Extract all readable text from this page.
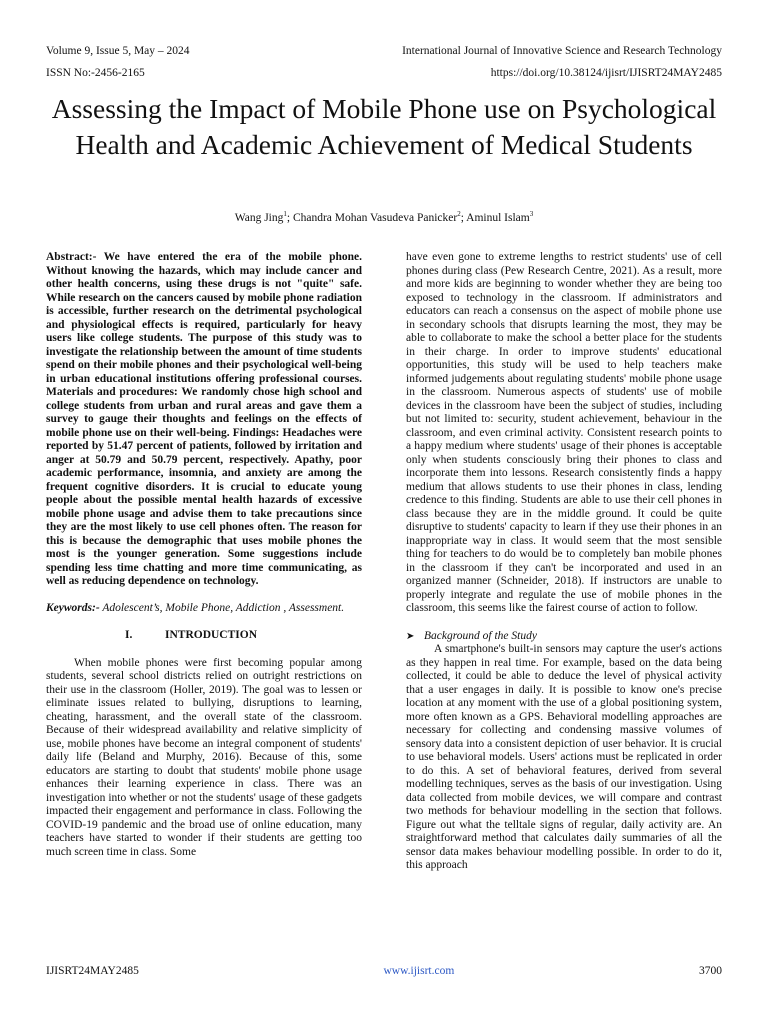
Volume 9, Issue 5, May – 2024	International Journal of Innovative Science and Research Technology
ISSN No:-2456-2165	https://doi.org/10.38124/ijisrt/IJISRT24MAY2485
Assessing the Impact of Mobile Phone use on Psychological Health and Academic Achievement of Medical Students
Wang Jing$^1$; Chandra Mohan Vasudeva Panicker$^2$; Aminul Islam$^3$

Abstract:- We have entered the era of the mobile phone. Without knowing the hazards, which may include cancer and other health concerns, using these drugs is not "quite" safe. While research on the cancers caused by mobile phone radiation is accessible, further research on the detrimental psychological and physiological effects is required, particularly for heavy users like college students. The purpose of this study was to investigate the relationship between the amount of time students spend on their mobile phones and their psychological well-being in urban educational institutions offering professional courses. Materials and procedures: We randomly chose high school and college students from urban and rural areas and gave them a survey to gauge their thoughts and feelings on the effects of mobile phone use on their well-being. Findings: Headaches were reported by 51.47 percent of patients, followed by irritation and anger at 50.79 and 50.79 percent, respectively. Apathy, poor academic performance, insomnia, and anxiety are among the frequent cognitive disorders. It is crucial to educate young people about the possible mental health hazards of excessive mobile phone usage and advise them to take precautions since they are the most likely to use cell phones often. The reason for this is because the demographic that uses mobile phones the most is the younger generation. Some suggestions include spending less time chatting and more time communicating, as well as reducing dependence on technology.

Keywords:- Adolescent’s, Mobile Phone, Addiction , Assessment.

I.	INTRODUCTION

When mobile phones were first becoming popular among students, several school districts relied on outright restrictions on their use in the classroom (Holler, 2019). The goal was to lessen or eliminate issues related to bullying, disruptions to learning, cheating, harassment, and the overall state of the classroom. Because of their widespread availability and relative simplicity of use, mobile phones have become an integral component of students' daily life (Beland and Murphy, 2016). Because of this, some educators are starting to doubt that students' mobile phone usage enhances their learning experience in class. There was an investigation into whether or not the students' usage of these gadgets impacted their engagement and performance in class. Following the COVID-19 pandemic and the broad use of online education, many teachers have started to wonder if their students are getting too much screen time in class. Some

have even gone to extreme lengths to restrict students' use of cell phones during class (Pew Research Centre, 2021). As a result, more and more kids are beginning to wonder whether they are being too exposed to technology in the classroom. If administrators and educators can reach a consensus on the aspect of mobile phone use in secondary schools that disrupts learning the most, they may be able to collaborate to make the school a better place for the students in their charge. In order to improve students' educational opportunities, this study will be used to help teachers make informed judgements about regulating students' mobile phone usage in the classroom. Numerous aspects of students' use of mobile devices in the classroom have been the subject of studies, including but not limited to: security, student achievement, behaviour in the classroom, and even criminal activity. Consistent research points to a happy medium where students' usage of their phones is acceptable only when students consciously bring their phones to class and incorporate them into lessons. Research consistently finds a happy medium that allows students to use their phones in class, lending credence to this finding. Students are able to use their cell phones in class because they are in the middle ground. It could be quite disruptive to students' capacity to learn if they use their phones in an inappropriate way in class. It would seem that the most sensible thing for teachers to do would be to completely ban mobile phones in the classroom if they can't be incorporated and used in an organized manner (Schneider, 2018). If instructors are unable to properly integrate and regulate the use of mobile phones in the classroom, this seems like the fairest course of action to follow.

➤ Background of the Study

A smartphone's built-in sensors may capture the user's actions as they happen in real time. For example, based on the data being collected, it could be able to deduce the level of physical activity that a user engages in daily. It is possible to know one's precise location at any moment with the use of a global positioning system, more often known as a GPS. Behavioral modelling approaches are necessary for collecting and condensing massive volumes of sensory data into a consistent depiction of user behavior. It is crucial to use behavioral models. Users' actions must be replicated in order to do this. A set of behavioral features, derived from several modelling techniques, serves as the basis of our investigation. Using data collected from mobile devices, we will compare and contrast two methods for behaviour modelling in the section that follows. Figure out what the telltale signs of regular, daily activity are. An straightforward method that calculates daily summaries of all the sensor data makes behaviour modelling possible. In order to do it, this approach

IJISRT24MAY2485	www.ijisrt.com	3700
